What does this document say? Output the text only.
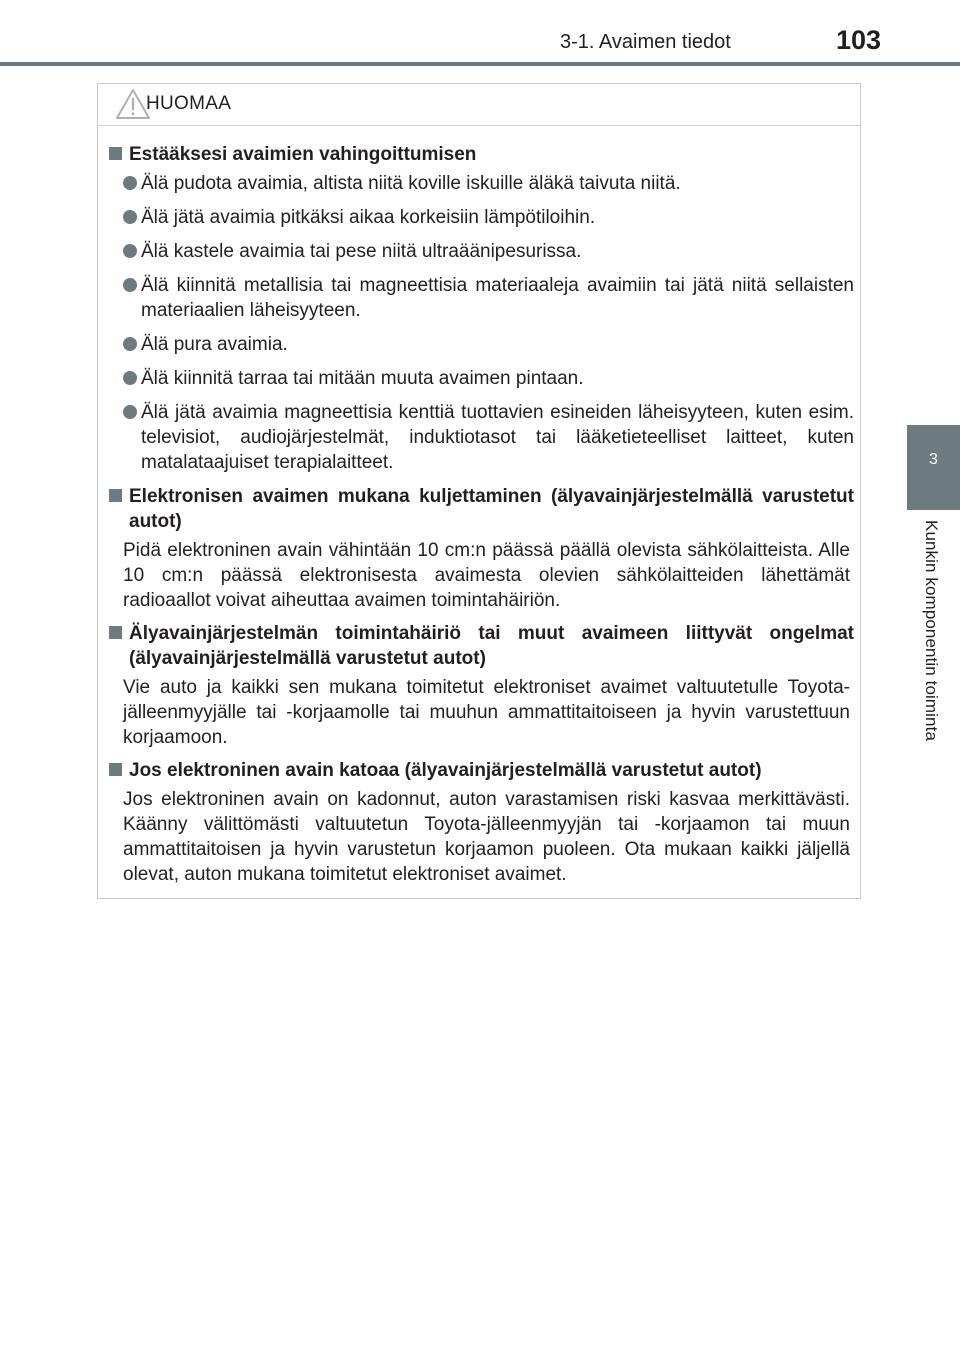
3-1. Avaimen tiedot	103
3
Kunkin komponentin toiminta
HUOMAA
Estääksesi avaimien vahingoittumisen
Älä pudota avaimia, altista niitä koville iskuille äläkä taivuta niitä.
Älä jätä avaimia pitkäksi aikaa korkeisiin lämpötiloihin.
Älä kastele avaimia tai pese niitä ultraäänipesurissa.
Älä kiinnitä metallisia tai magneettisia materiaaleja avaimiin tai jätä niitä sellaisten materiaalien läheisyyteen.
Älä pura avaimia.
Älä kiinnitä tarraa tai mitään muuta avaimen pintaan.
Älä jätä avaimia magneettisia kenttiä tuottavien esineiden läheisyyteen, kuten esim. televisiot, audiojärjestelmät, induktiotasot tai lääketieteelliset laitteet, kuten matalataajuiset terapialaitteet.
Elektronisen avaimen mukana kuljettaminen (älyavainjärjestelmällä varustetut autot)
Pidä elektroninen avain vähintään 10 cm:n päässä päällä olevista sähkölaitteista. Alle 10 cm:n päässä elektronisesta avaimesta olevien sähkölaitteiden lähettämät radioaallot voivat aiheuttaa avaimen toimintahäiriön.
Älyavainjärjestelmän toimintahäiriö tai muut avaimeen liittyvät ongelmat (älyavainjärjestelmällä varustetut autot)
Vie auto ja kaikki sen mukana toimitetut elektroniset avaimet valtuutetulle Toyota-jälleenmyyjälle tai -korjaamolle tai muuhun ammattitaitoiseen ja hyvin varustettuun korjaamoon.
Jos elektroninen avain katoaa (älyavainjärjestelmällä varustetut autot)
Jos elektroninen avain on kadonnut, auton varastamisen riski kasvaa merkittävästi. Käänny välittömästi valtuutetun Toyota-jälleenmyyjän tai -korjaamon tai muun ammattitaitoisen ja hyvin varustetun korjaamon puoleen. Ota mukaan kaikki jäljellä olevat, auton mukana toimitetut elektroniset avaimet.
